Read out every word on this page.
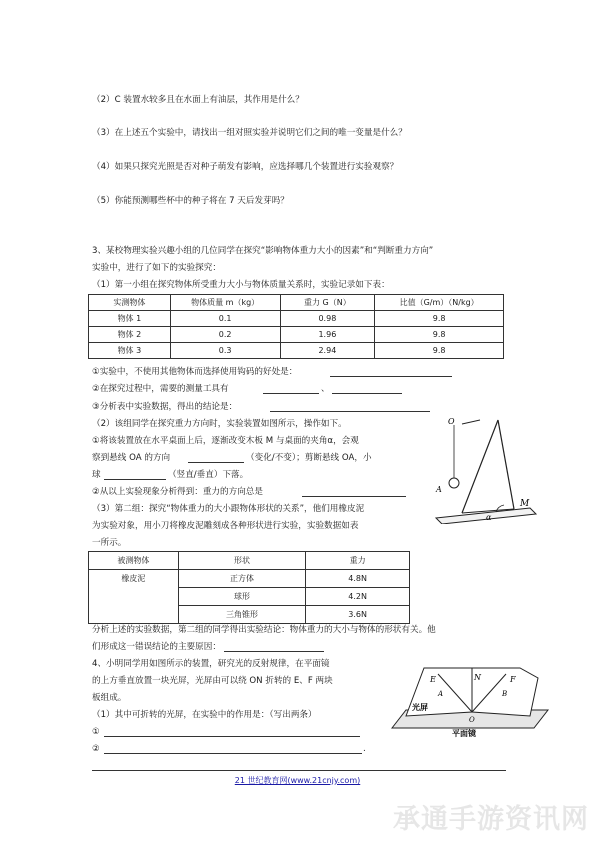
（2）C 装置水较多且在水面上有油层，其作用是什么？
（3）在上述五个实验中，请找出一组对照实验并说明它们之间的唯一变量是什么？
（4）如果只探究光照是否对种子萌发有影响，应选择哪几个装置进行实验观察？
（5）你能预测哪些杯中的种子将在 7 天后发芽吗？
3、某校物理实验兴趣小组的几位同学在探究“影响物体重力大小的因素”和“判断重力方向”
实验中，进行了如下的实验探究：
（1）第一小组在探究物体所受重力大小与物体质量关系时，实验记录如下表：
实测物体	物体质量 m（kg）	重力 G（N）	比值（G/m）（N/kg）
物体 1	0.1	0.98	9.8
物体 2	0.2	1.96	9.8
物体 3	0.3	2.94	9.8
①实验中，不使用其他物体而选择使用钩码的好处是：
②在探究过程中，需要的测量工具有	、
③分析表中实验数据，得出的结论是：
（2）该组同学在探究重力方向时，实验装置如图所示，操作如下。
①将该装置放在水平桌面上后，逐渐改变木板 M 与桌面的夹角α，会观
察到悬线 OA 的方向	（变化/不变）；剪断悬线 OA，小
球	（竖直/垂直）下落。
②从以上实验现象分析得到：重力的方向总是
O
A
M
α
（3）第二组：探究“物体重力的大小跟物体形状的关系”，他们用橡皮泥
为实验对象，用小刀将橡皮泥雕刻成各种形状进行实验，实验数据如表
一所示。
被测物体	形状	重力
橡皮泥	正方体	4.8N
	球形	4.2N
	三角锥形	3.6N
分析上述的实验数据，第二组的同学得出实验结论：物体重力的大小与物体的形状有关。他
们形成这一错误结论的主要原因：
4、小明同学用如图所示的装置，研究光的反射规律，在平面镜
的上方垂直放置一块光屏，光屏由可以绕 ON 折转的 E、F 两块
板组成。
（1）其中可折转的光屏，在实验中的作用是：（写出两条）
①
②	.
E
A
N	F
B
O
光屏
平面镜
21 世纪教育网(www.21cnjy.com)
承通手游资讯网
